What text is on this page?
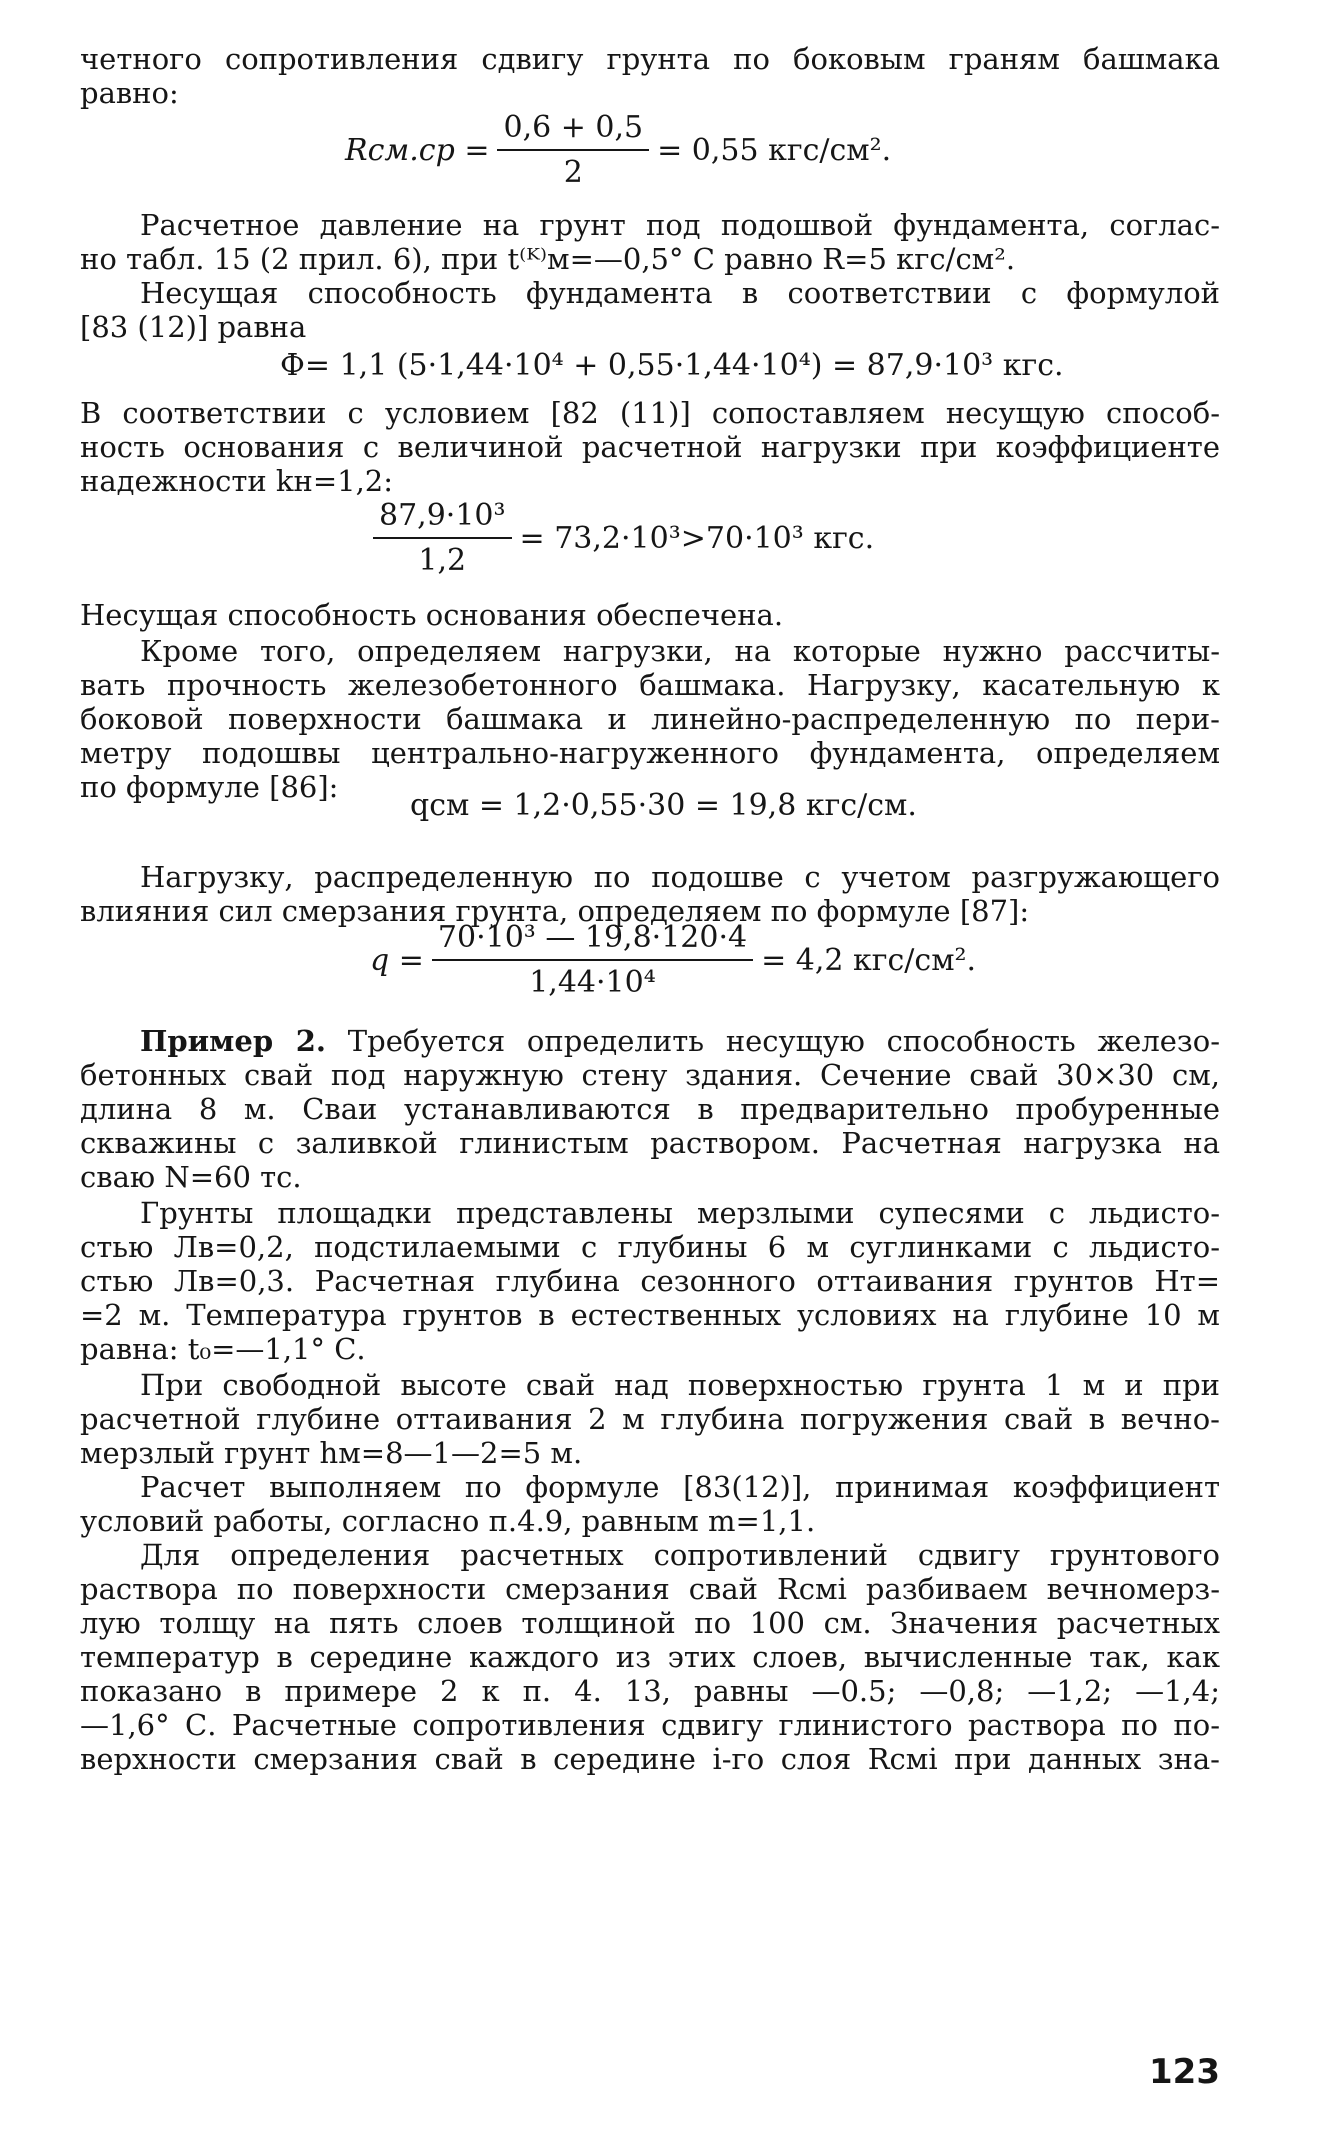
четного сопротивления сдвигу грунта по боковым граням башмака
равно:
$Rсм.ср = \frac{0,6 + 0,5}{2} = 0,55$ кгс/см².
Расчетное давление на грунт под подошвой фундамента, соглас-
но табл. 15 (2 прил. 6), при t⁽ᴷ⁾м=—0,5° С равно R=5 кгс/см².
Несущая способность фундамента в соответствии с формулой
[83 (12)] равна
Ф= 1,1 (5·1,44·10⁴ + 0,55·1,44·10⁴) = 87,9·10³ кгс.
В соответствии с условием [82 (11)] сопоставляем несущую способ-
ность основания с величиной расчетной нагрузки при коэффициенте
надежности kн=1,2:
$\frac{\text{87,9·10³}}{1,2} = 73,2\cdot 10^3>70\cdot 10^3$ кгс.
Несущая способность основания обеспечена.
Кроме того, определяем нагрузки, на которые нужно рассчиты-
вать прочность железобетонного башмака. Нагрузку, касательную к
боковой поверхности башмака и линейно-распределенную по пери-
метру подошвы центрально-нагруженного фундамента, определяем
по формуле [86]:
qсм = 1,2·0,55·30 = 19,8 кгс/см.
Нагрузку, распределенную по подошве с учетом разгружающего
влияния сил смерзания грунта, определяем по формуле [87]:
$q = \frac{\text{70·10³ — 19,8·120·4}}{\text{1,44·10⁴}} = 4,2$ кгс/см².
Пример 2. Требуется определить несущую способность железо-
бетонных свай под наружную стену здания. Сечение свай 30×30 см,
длина 8 м. Сваи устанавливаются в предварительно пробуренные
скважины с заливкой глинистым раствором. Расчетная нагрузка на
сваю N=60 тс.
Грунты площадки представлены мерзлыми супесями с льдисто-
стью Лв=0,2, подстилаемыми с глубины 6 м суглинками с льдисто-
стью Лв=0,3. Расчетная глубина сезонного оттаивания грунтов Hт=
=2 м. Температура грунтов в естественных условиях на глубине 10 м
равна: t₀=—1,1° С.
При свободной высоте свай над поверхностью грунта 1 м и при
расчетной глубине оттаивания 2 м глубина погружения свай в вечно-
мерзлый грунт hм=8—1—2=5 м.
Расчет выполняем по формуле [83(12)], принимая коэффициент
условий работы, согласно п.4.9, равным m=1,1.
Для определения расчетных сопротивлений сдвигу грунтового
раствора по поверхности смерзания свай Rсмi разбиваем вечномерз-
лую толщу на пять слоев толщиной по 100 см. Значения расчетных
температур в середине каждого из этих слоев, вычисленные так, как
показано в примере 2 к п. 4. 13, равны —0.5; —0,8; —1,2; —1,4;
—1,6° С. Расчетные сопротивления сдвигу глинистого раствора по по-
верхности смерзания свай в середине i-го слоя Rсмi при данных зна-
123
